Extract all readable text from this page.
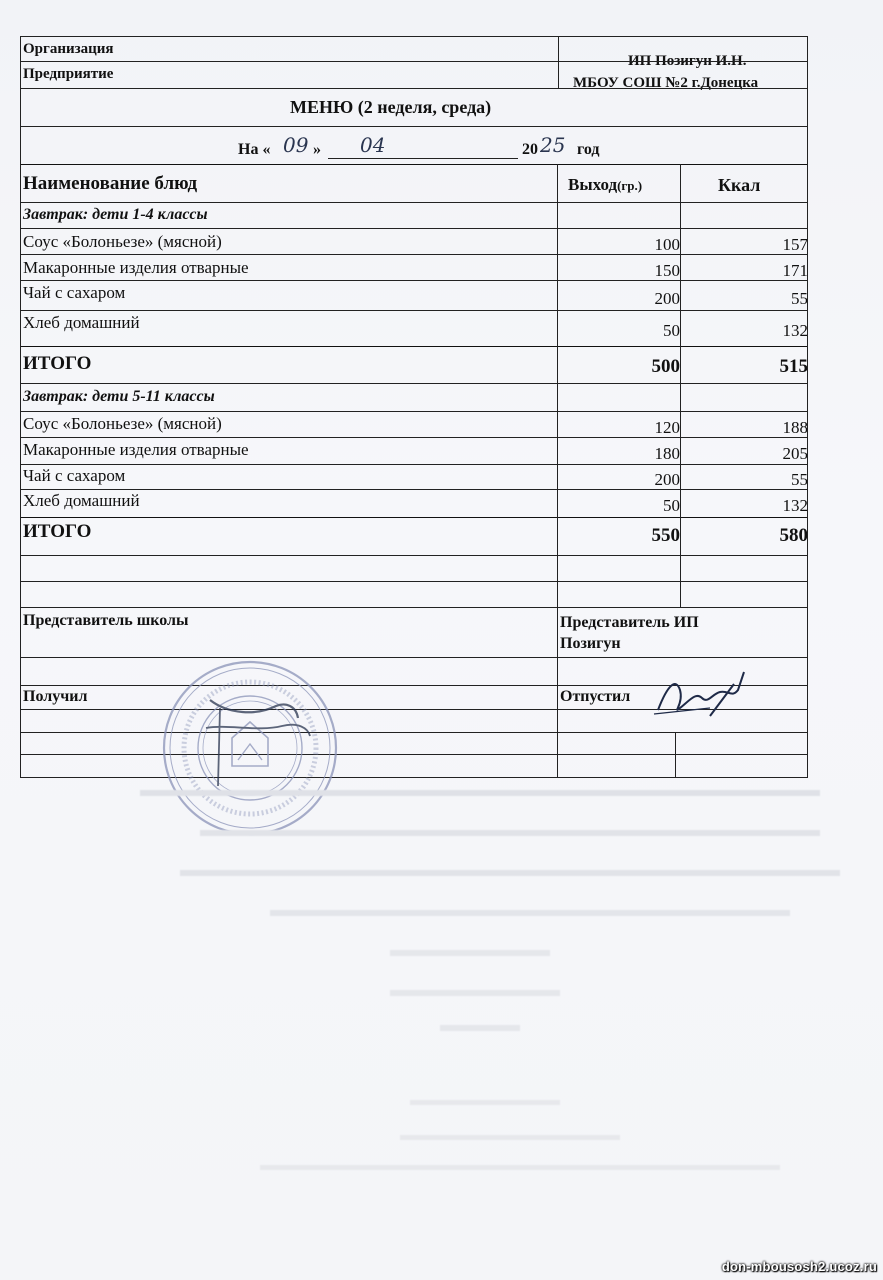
Организация
ИП Позигун И.Н.
Предприятие
МБОУ СОШ №2 г.Донецка
МЕНЮ (2 неделя, среда)
На « 09 » 04	20 25 год
Наименование блюд	Выход(гр.)	Ккал
Завтрак: дети 1-4 классы
Соус «Болоньезе» (мясной)	100	157
Макаронные изделия отварные	150	171
Чай с сахаром	200	55
Хлеб домашний	50	132
ИТОГО	500	515
Завтрак: дети 5-11 классы
Соус «Болоньезе» (мясной)	120	188
Макаронные изделия отварные	180	205
Чай с сахаром	200	55
Хлеб домашний	50	132
ИТОГО	550	580
Представитель школы	Представитель ИП
Позигун
Получил	Отпустил
don-mbousosh2.ucoz.ru
